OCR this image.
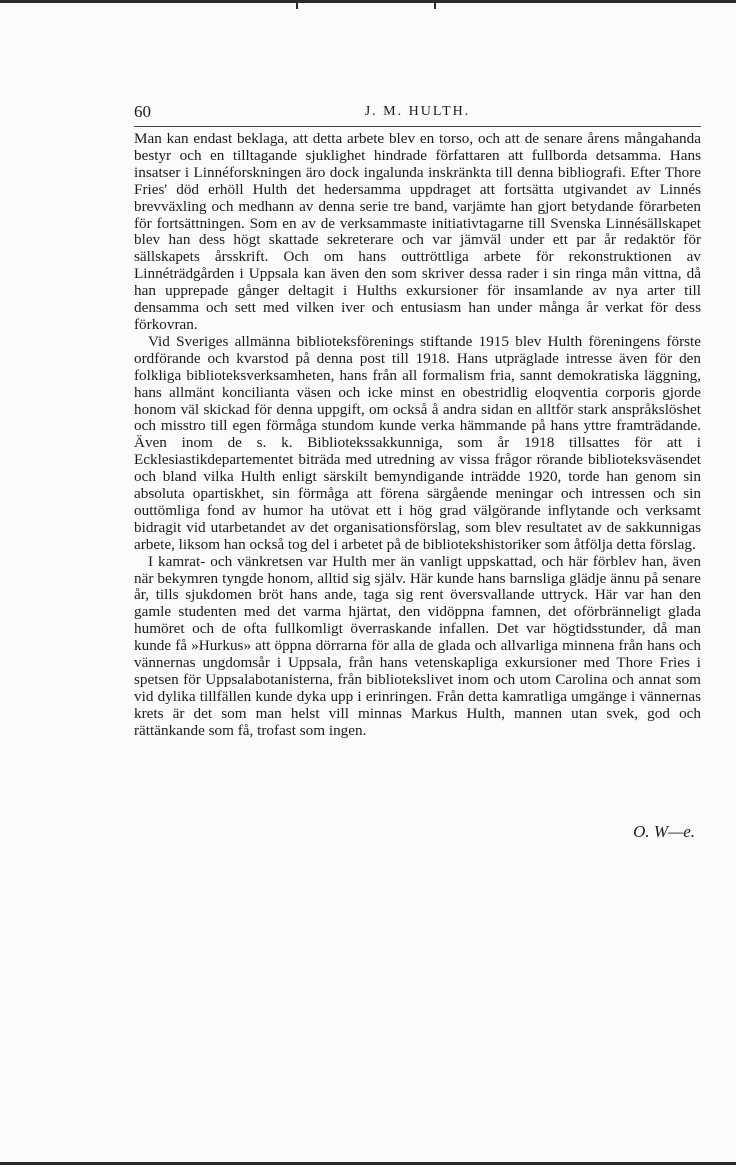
60	J. M. HULTH.

Man kan endast beklaga, att detta arbete blev en torso, och att de senare årens mångahanda bestyr och en tilltagande sjuklighet hindrade författaren att fullborda detsamma. Hans insatser i Linnéforskningen äro dock ingalunda inskränkta till denna bibliografi. Efter Thore Fries' död erhöll Hulth det hedersamma uppdraget att fortsätta utgivandet av Linnés brevväxling och medhann av denna serie tre band, varjämte han gjort betydande förarbeten för fortsättningen. Som en av de verksammaste initiativtagarne till Svenska Linnésällskapet blev han dess högt skattade sekreterare och var jämväl under ett par år redaktör för sällskapets årsskrift. Och om hans outtröttliga arbete för rekonstruktionen av Linnéträdgården i Uppsala kan även den som skriver dessa rader i sin ringa mån vittna, då han upprepade gånger deltagit i Hulths exkursioner för insamlande av nya arter till densamma och sett med vilken iver och entusiasm han under många år verkat för dess förkovran.

Vid Sveriges allmänna biblioteksförenings stiftande 1915 blev Hulth föreningens förste ordförande och kvarstod på denna post till 1918. Hans utpräglade intresse även för den folkliga biblioteksverksamheten, hans från all formalism fria, sannt demokratiska läggning, hans allmänt koncilianta väsen och icke minst en obestridlig eloqventia corporis gjorde honom väl skickad för denna uppgift, om också å andra sidan en alltför stark anspråkslöshet och misstro till egen förmåga stundom kunde verka hämmande på hans yttre framträdande. Även inom de s. k. Bibliotekssakkunniga, som år 1918 tillsattes för att i Ecklesiastikdepartementet biträda med utredning av vissa frågor rörande biblioteksväsendet och bland vilka Hulth enligt särskilt bemyndigande inträdde 1920, torde han genom sin absoluta opartiskhet, sin förmåga att förena särgående meningar och intressen och sin outtömliga fond av humor ha utövat ett i hög grad välgörande inflytande och verksamt bidragit vid utarbetandet av det organisationsförslag, som blev resultatet av de sakkunnigas arbete, liksom han också tog del i arbetet på de bibliotekshistoriker som åtfölja detta förslag.

I kamrat- och vänkretsen var Hulth mer än vanligt uppskattad, och här förblev han, även när bekymren tyngde honom, alltid sig själv. Här kunde hans barnsliga glädje ännu på senare år, tills sjukdomen bröt hans ande, taga sig rent översvallande uttryck. Här var han den gamle studenten med det varma hjärtat, den vidöppna famnen, det oförbränneligt glada humöret och de ofta fullkomligt överraskande infallen. Det var högtidsstunder, då man kunde få »Hurkus» att öppna dörrarna för alla de glada och allvarliga minnena från hans och vännernas ungdomsår i Uppsala, från hans vetenskapliga exkursioner med Thore Fries i spetsen för Uppsalabotanisterna, från bibliotekslivet inom och utom Carolina och annat som vid dylika tillfällen kunde dyka upp i erinringen. Från detta kamratliga umgänge i vännernas krets är det som man helst vill minnas Markus Hulth, mannen utan svek, god och rättänkande som få, trofast som ingen.

O. W—e.
